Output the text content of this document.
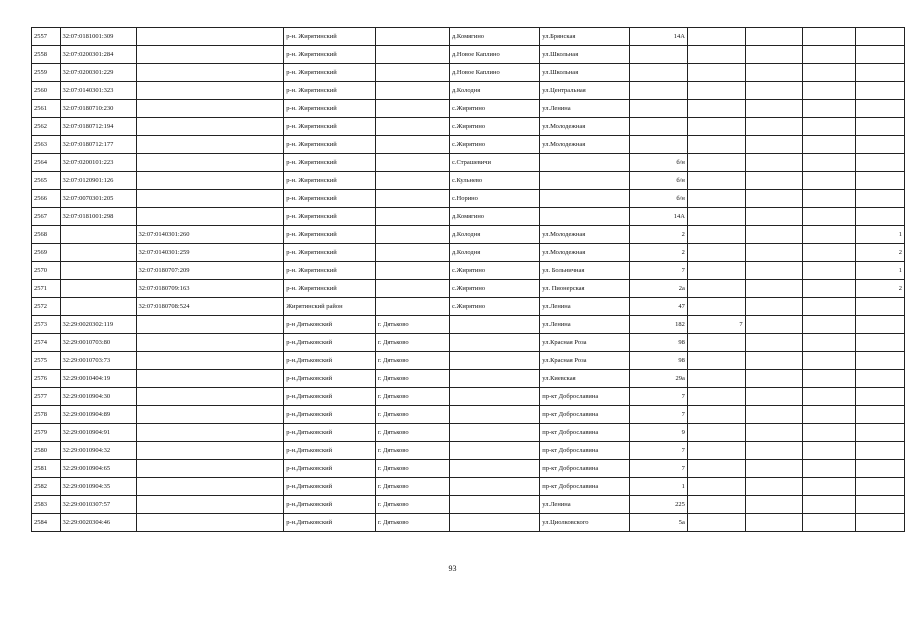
2557	32:07:0181001:309		р-н. Жирятинский		д.Комягино	ул.Брянская	14А				
2558	32:07:0200301:284		р-н. Жирятинский		д.Новое Каплино	ул.Школьная					
2559	32:07:0200301:229		р-н. Жирятинский		д.Новое Каплино	ул.Школьная					
2560	32:07:0140301:323		р-н. Жирятинский		д.Колодня	ул.Центральная					
2561	32:07:0180710:230		р-н. Жирятинский		с.Жирятино	ул.Ленина					
2562	32:07:0180712:194		р-н. Жирятинский		с.Жирятино	ул.Молодежная					
2563	32:07:0180712:177		р-н. Жирятинский		с.Жирятино	ул.Молодежная					
2564	32:07:0200101:223		р-н. Жирятинский		с.Страшевичи		б/н				
2565	32:07:0120901:126		р-н. Жирятинский		с.Кульнево		б/н				
2566	32:07:0070301:205		р-н. Жирятинский		с.Норино		б/н				
2567	32:07:0181001:298		р-н. Жирятинский		д.Комягино		14А				
2568		32:07:0140301:260	р-н. Жирятинский		д.Колодня	ул.Молодежная	2				1
2569		32:07:0140301:259	р-н. Жирятинский		д.Колодня	ул.Молодежная	2				2
2570		32:07:0180707:209	р-н. Жирятинский		с.Жирятино	ул. Больничная	7				1
2571		32:07:0180709:163	р-н. Жирятинский		с.Жирятино	ул. Пионерская	2а				2
2572		32:07:0180708:524	Жирятинский район		с.Жирятино	ул.Ленина	47				
2573	32:29:0020302:119		р-н Дятьковский	г. Дятьково		ул.Ленина	182	7			
2574	32:29:0010703:80		р-н.Дятьковский	г. Дятьково		ул.Красная Роза	98				
2575	32:29:0010703:73		р-н.Дятьковский	г. Дятьково		ул.Красная Роза	98				
2576	32:29:0010404:19		р-н.Дятьковский	г. Дятьково		ул.Киевская	29а				
2577	32:29:0010904:30		р-н.Дятьковский	г. Дятьково		пр-кт Доброславина	7				
2578	32:29:0010904:89		р-н.Дятьковский	г. Дятьково		пр-кт Доброславина	7				
2579	32:29:0010904:91		р-н.Дятьковский	г. Дятьково		пр-кт Доброславина	9				
2580	32:29:0010904:32		р-н.Дятьковский	г. Дятьково		пр-кт Доброславина	7				
2581	32:29:0010904:65		р-н.Дятьковский	г. Дятьково		пр-кт Доброславина	7				
2582	32:29:0010904:35		р-н.Дятьковский	г. Дятьково		пр-кт Доброславина	1				
2583	32:29:0010307:57		р-н.Дятьковский	г. Дятьково		ул.Ленина	225				
2584	32:29:0020304:46		р-н.Дятьковский	г. Дятьково		ул.Циолковского	5а				
93
